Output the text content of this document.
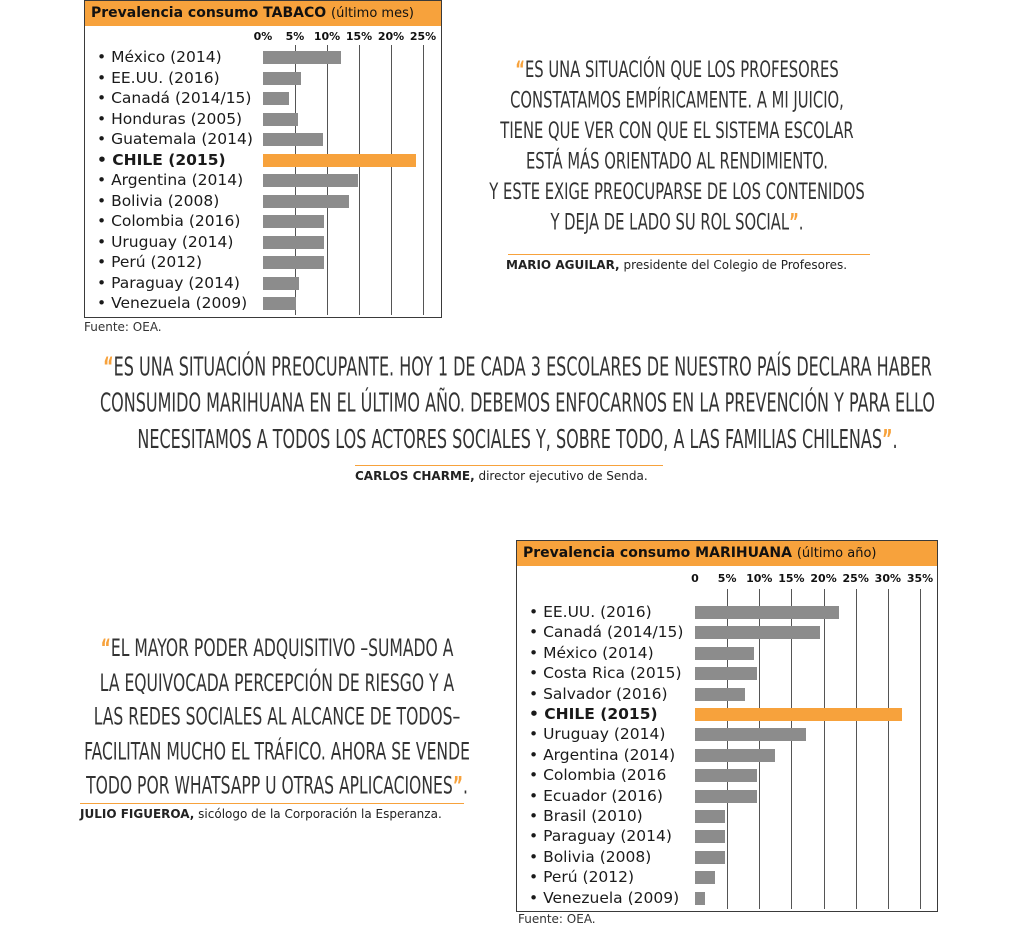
Prevalencia consumo TABACO (último mes)
0% 5% 10% 15% 20% 25%
• México (2014)
• EE.UU. (2016)
• Canadá (2014/15)
• Honduras (2005)
• Guatemala (2014)
• CHILE (2015)
• Argentina (2014)
• Bolivia (2008)
• Colombia (2016)
• Uruguay (2014)
• Perú (2012)
• Paraguay (2014)
• Venezuela (2009)
Fuente: OEA.
Prevalencia consumo MARIHUANA (último año)
0 5% 10% 15% 20% 25% 30% 35%
• EE.UU. (2016)
• Canadá (2014/15)
• México (2014)
• Costa Rica (2015)
• Salvador (2016)
• CHILE (2015)
• Uruguay (2014)
• Argentina (2014)
• Colombia (2016
• Ecuador (2016)
• Brasil (2010)
• Paraguay (2014)
• Bolivia (2008)
• Perú (2012)
• Venezuela (2009)
Fuente: OEA.
“ES UNA SITUACIÓN QUE LOS PROFESORES
CONSTATAMOS EMPÍRICAMENTE. A MI JUICIO,
TIENE QUE VER CON QUE EL SISTEMA ESCOLAR
ESTÁ MÁS ORIENTADO AL RENDIMIENTO.
Y ESTE EXIGE PREOCUPARSE DE LOS CONTENIDOS
Y DEJA DE LADO SU ROL SOCIAL”.
MARIO AGUILAR, presidente del Colegio de Profesores.
“ES UNA SITUACIÓN PREOCUPANTE. HOY 1 DE CADA 3 ESCOLARES DE NUESTRO PAÍS DECLARA HABER
CONSUMIDO MARIHUANA EN EL ÚLTIMO AÑO. DEBEMOS ENFOCARNOS EN LA PREVENCIÓN Y PARA ELLO
NECESITAMOS A TODOS LOS ACTORES SOCIALES Y, SOBRE TODO, A LAS FAMILIAS CHILENAS”.
CARLOS CHARME, director ejecutivo de Senda.
“EL MAYOR PODER ADQUISITIVO –SUMADO A
LA EQUIVOCADA PERCEPCIÓN DE RIESGO Y A
LAS REDES SOCIALES AL ALCANCE DE TODOS–
FACILITAN MUCHO EL TRÁFICO. AHORA SE VENDE
TODO POR WHATSAPP U OTRAS APLICACIONES”.
JULIO FIGUEROA, sicólogo de la Corporación la Esperanza.
